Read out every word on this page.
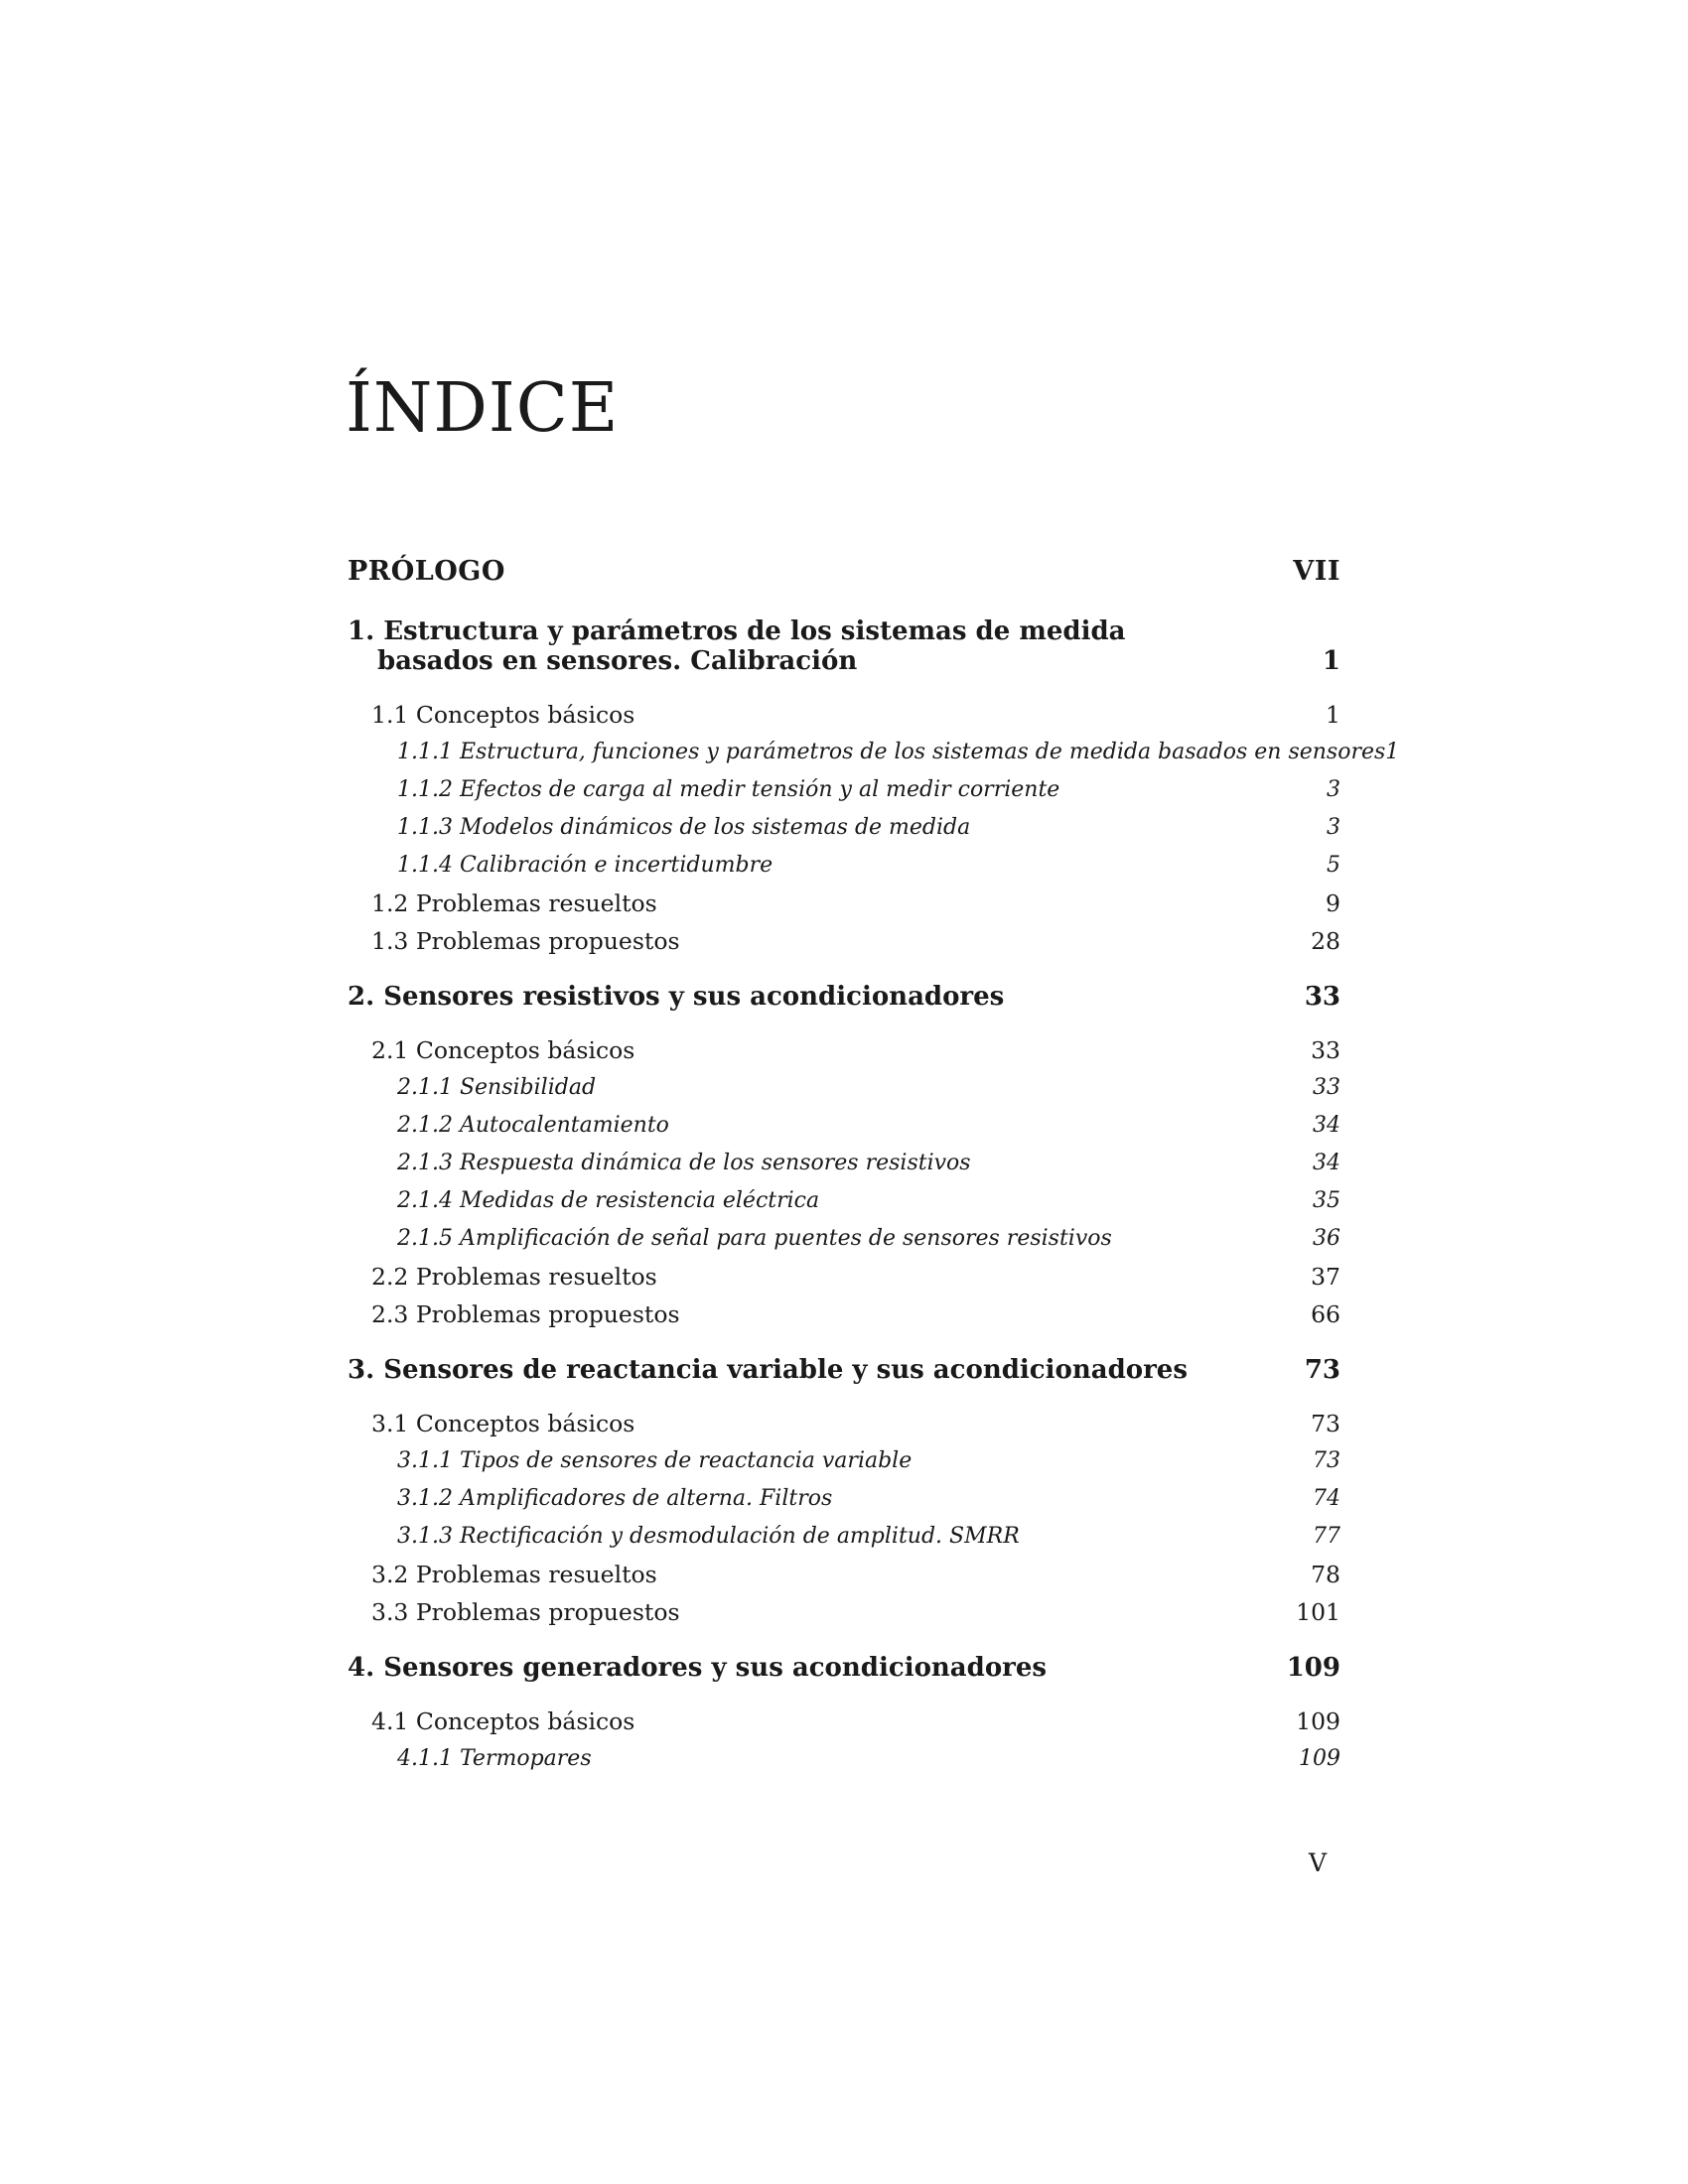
ÍNDICE
PRÓLOGO	VII
1. Estructura y parámetros de los sistemas de medida
basados en sensores. Calibración	1
1.1 Conceptos básicos	1
1.1.1 Estructura, funciones y parámetros de los sistemas de medida basados en sensores 1
1.1.2 Efectos de carga al medir tensión y al medir corriente	3
1.1.3 Modelos dinámicos de los sistemas de medida	3
1.1.4 Calibración e incertidumbre	5
1.2 Problemas resueltos	9
1.3 Problemas propuestos	28
2. Sensores resistivos y sus acondicionadores	33
2.1 Conceptos básicos	33
2.1.1 Sensibilidad	33
2.1.2 Autocalentamiento	34
2.1.3 Respuesta dinámica de los sensores resistivos	34
2.1.4 Medidas de resistencia eléctrica	35
2.1.5 Amplificación de señal para puentes de sensores resistivos	36
2.2 Problemas resueltos	37
2.3 Problemas propuestos	66
3. Sensores de reactancia variable y sus acondicionadores	73
3.1 Conceptos básicos	73
3.1.1 Tipos de sensores de reactancia variable	73
3.1.2 Amplificadores de alterna. Filtros	74
3.1.3 Rectificación y desmodulación de amplitud. SMRR	77
3.2 Problemas resueltos	78
3.3 Problemas propuestos	101
4. Sensores generadores y sus acondicionadores	109
4.1 Conceptos básicos	109
4.1.1 Termopares	109
V
